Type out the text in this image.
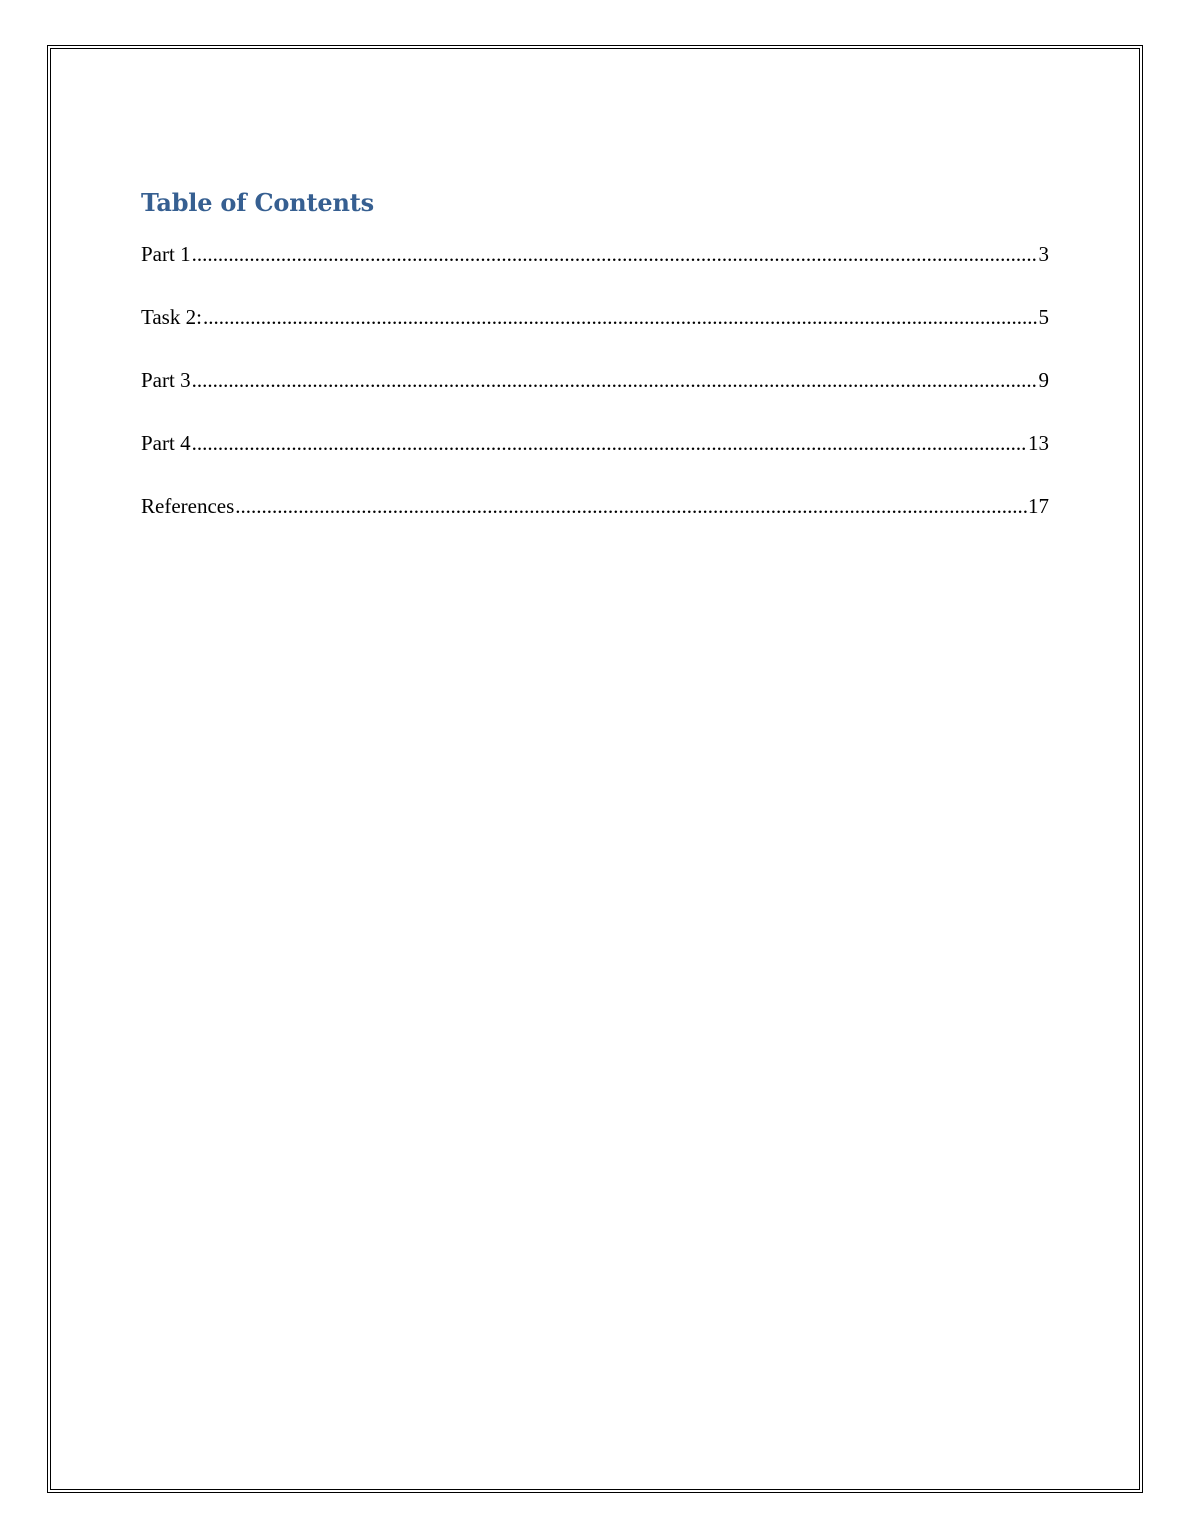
Table of Contents
Part 1 .....	3
Task 2: .....	5
Part 3 .....	9
Part 4 .....	13
References .....	17
